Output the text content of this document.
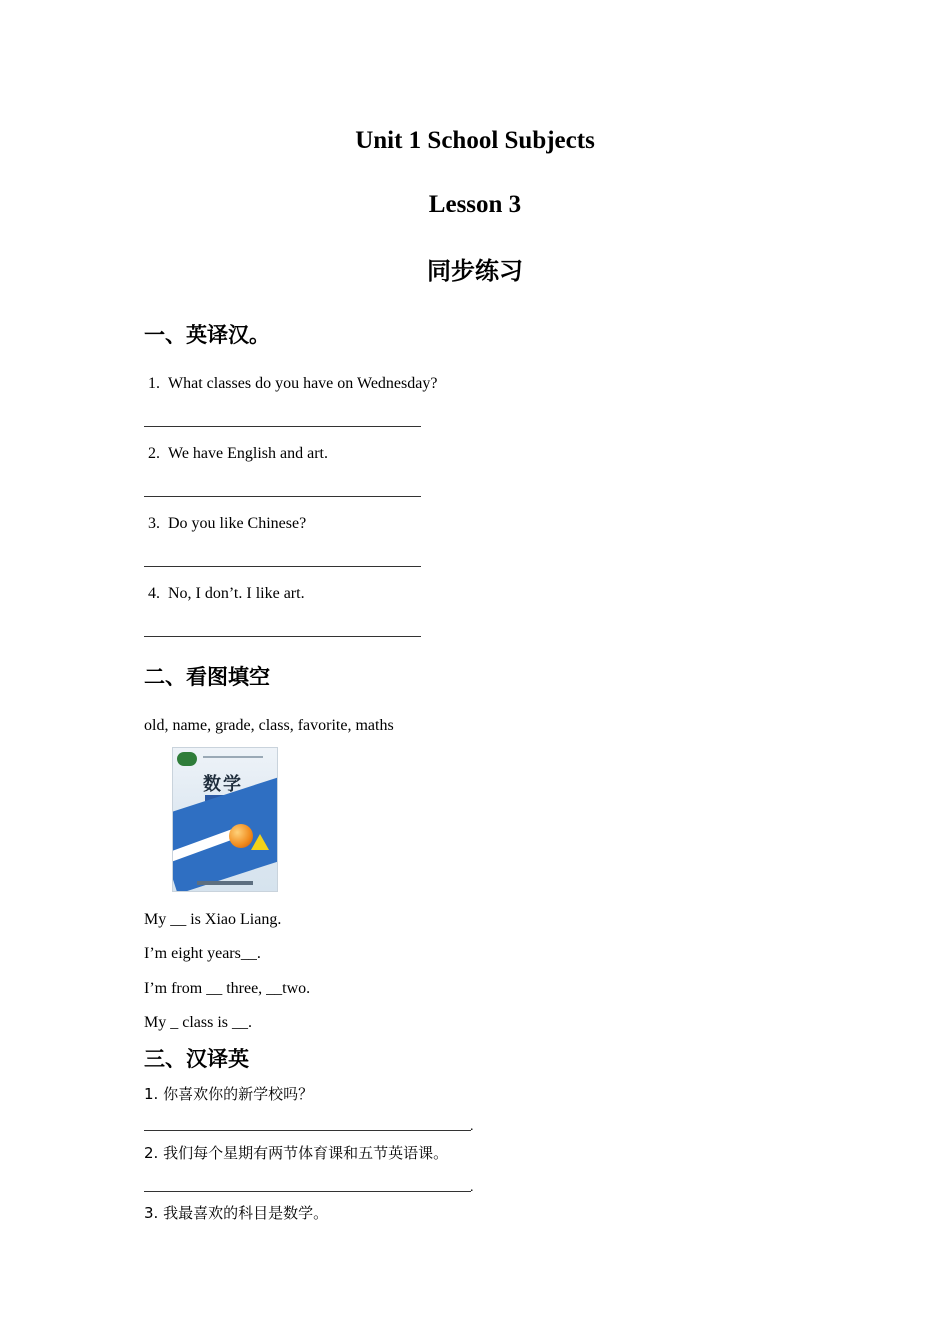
Unit 1 School Subjects
Lesson 3
同步练习
一、英译汉。
1. What classes do you have on Wednesday?
2. We have English and art.
3. Do you like Chinese?
4. No, I don’t. I like art.
二、看图填空
old, name, grade, class, favorite, maths
数学
My __ is Xiao Liang.
I’m eight years__.
I’m from __ three, __two.
My _ class is __.
三、汉译英
1. 你喜欢你的新学校吗？
.
2. 我们每个星期有两节体育课和五节英语课。
.
3. 我最喜欢的科目是数学。
